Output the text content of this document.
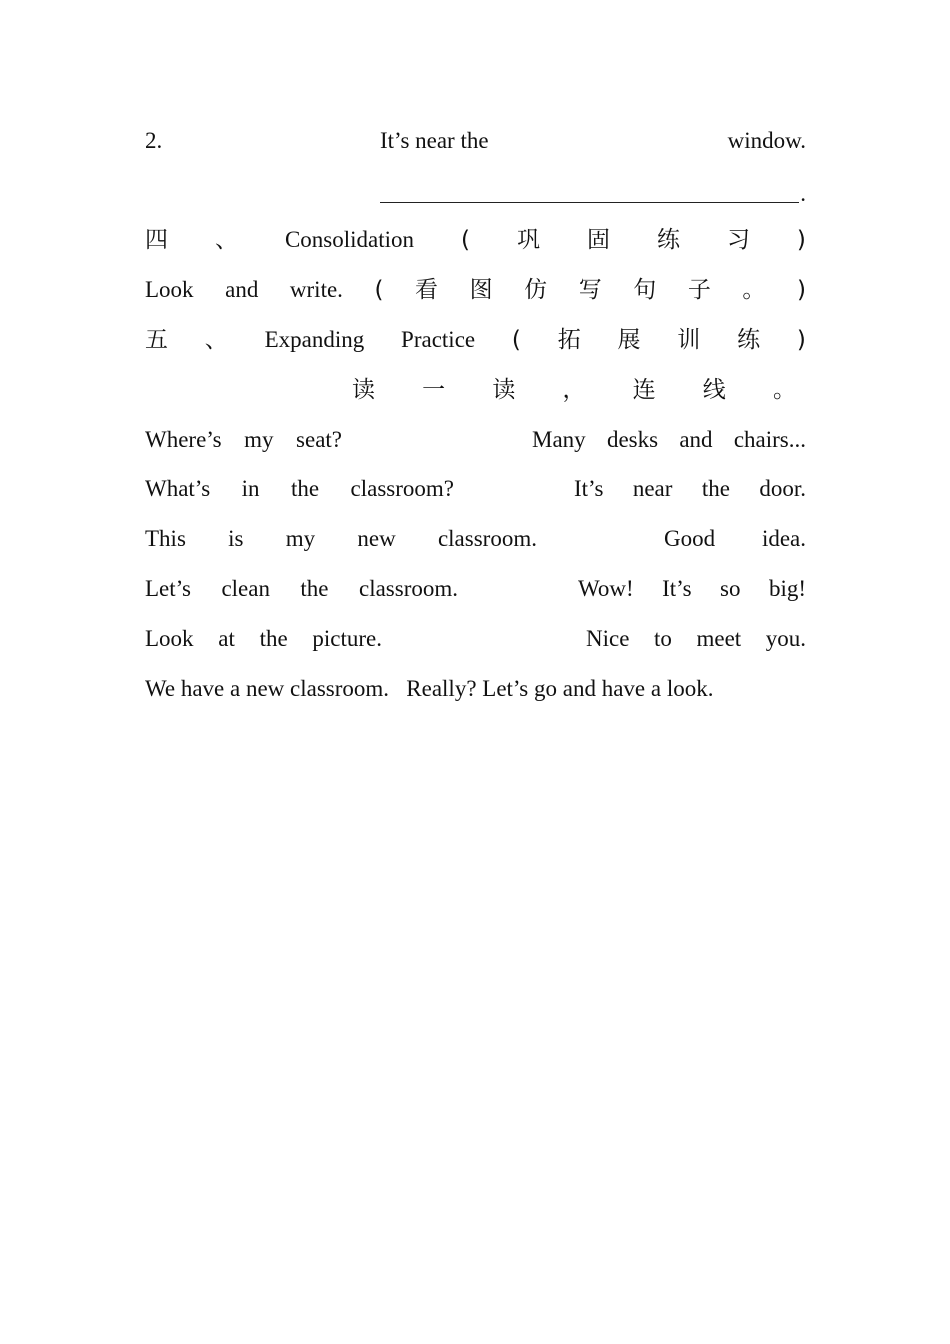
2.	It’s near the	window.
.
四 、 Consolidation ( 巩 固 练 习 )
Look and write. ( 看 图 仿 写 句 子 。 )
五 、 Expanding Practice ( 拓 展 训 练 )
读 一 读 ， 连 线 。
Where’s my seat?	Many desks and chairs...
What’s in the classroom?	It’s near the door.
This is my new classroom.	Good idea.
Let’s clean the classroom.	Wow! It’s so big!
Look at the picture.	Nice to meet you.
We have a new classroom.   Really? Let’s go and have a look.
